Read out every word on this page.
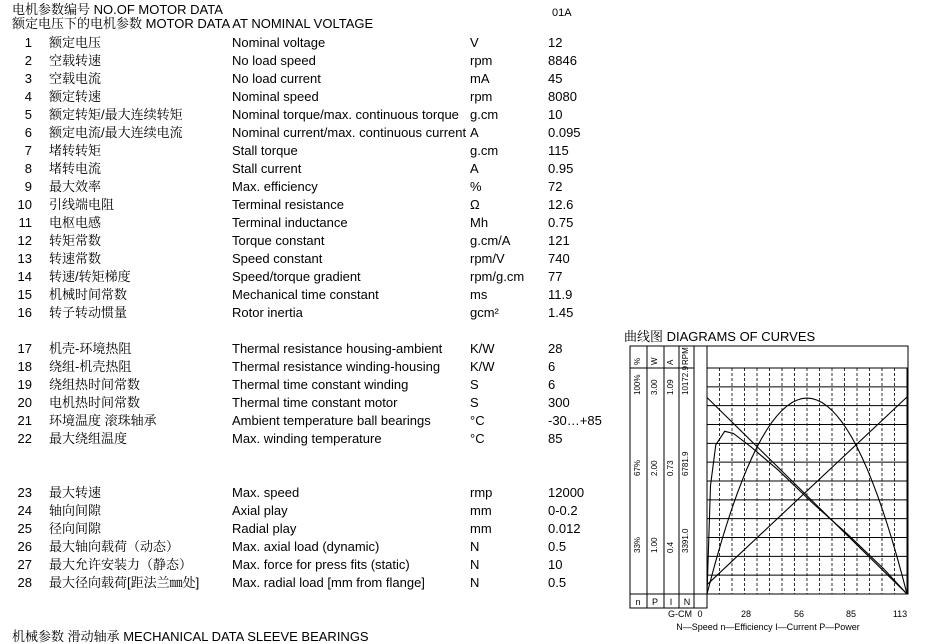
电机参数编号 NO.OF MOTOR DATA	01A
额定电压下的电机参数 MOTOR DATA AT NOMINAL VOLTAGE
1 额定电压	Nominal voltage	V	12
2 空载转速	No load speed	rpm	8846
3 空载电流	No load current	mA	45
4 额定转速	Nominal speed	rpm	8080
5 额定转矩/最大连续转矩	Nominal torque/max. continuous torque g.cm	10
6 额定电流/最大连续电流	Nominal current/max. continuous current A	0.095
7 堵转转矩	Stall torque	g.cm	115
8 堵转电流	Stall current	A	0.95
9 最大效率	Max. efficiency	%	72
10 引线端电阻	Terminal resistance	Ω	12.6
11 电枢电感	Terminal inductance	Mh	0.75
12 转矩常数	Torque constant	g.cm/A	121
13 转速常数	Speed constant	rpm/V	740
14 转速/转矩梯度	Speed/torque gradient	rpm/g.cm 77
15 机械时间常数	Mechanical time constant	ms	11.9
16 转子转动惯量	Rotor inertia	gcm²	1.45
17 机壳-环境热阻	Thermal resistance housing-ambient K/W	28
18 绕组-机壳热阻	Thermal resistance winding-housing K/W	6
19 绕组热时间常数	Thermal time constant winding	S	6
20 电机热时间常数	Thermal time constant motor	S	300
21 环境温度 滚珠轴承	Ambient temperature ball bearings	°C	-30…+85
22 最大绕组温度	Max. winding temperature	°C	85
23 最大转速	Max. speed	rmp	12000
24 轴向间隙	Axial play	mm	0-0.2
25 径向间隙	Radial play	mm	0.012
26 最大轴向载荷（动态）	Max. axial load (dynamic)	N	0.5
27 最大允许安装力（静态）	Max. force for press fits (static)	N	10
28 最大径向载荷[距法兰㎜处]	Max. radial load [mm from flange]	N	0.5
机械参数 滑动轴承 MECHANICAL DATA SLEEVE BEARINGS
曲线图 DIAGRAMS OF CURVES
% W A RPM
100% 3.00 1.09 10172.9
67% 2.00 0.73 6781.9
33% 1.00 0.4 3391.0
n P I N
G-CM 0	28	56	85	113
N—Speed n—Efficiency I—Current P—Power
